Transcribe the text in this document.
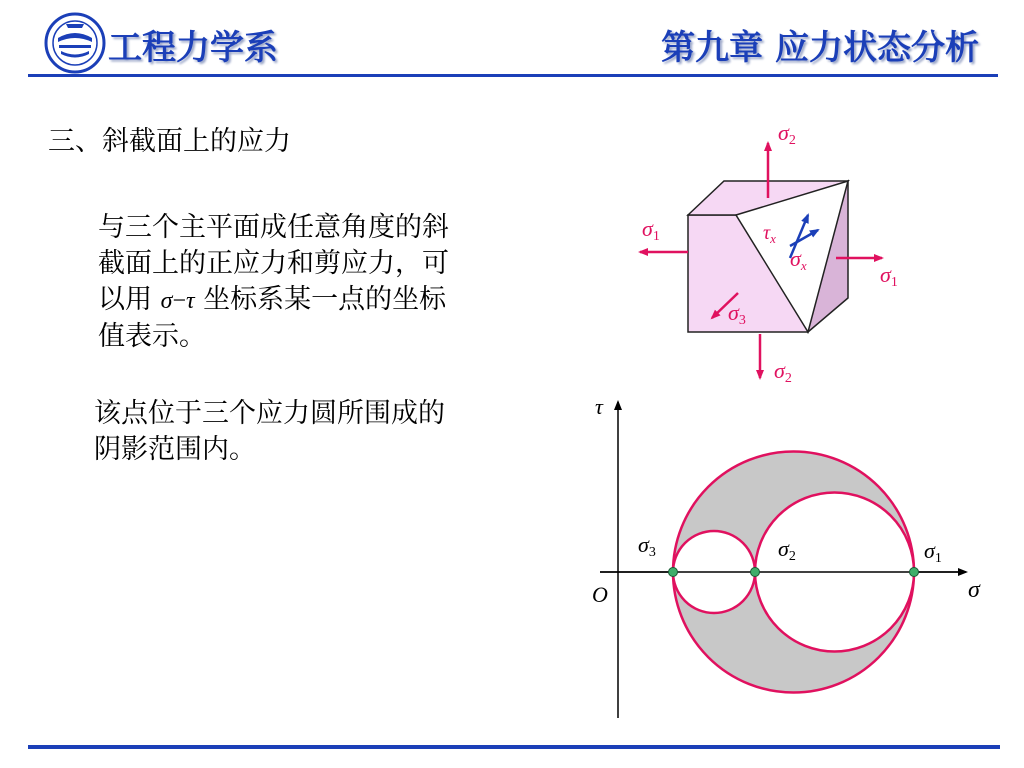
工程力学系	第九章 应力状态分析
三、斜截面上的应力
与三个主平面成任意角度的斜
截面上的正应力和剪应力，可
以用 σ−τ 坐标系某一点的坐标
值表示。
该点位于三个应力圆所围成的
阴影范围内。
σ2
σ2
σ1
σ1
σ3
$\tau_x$
σx
τ
σ
O
σ3	σ2	σ1
